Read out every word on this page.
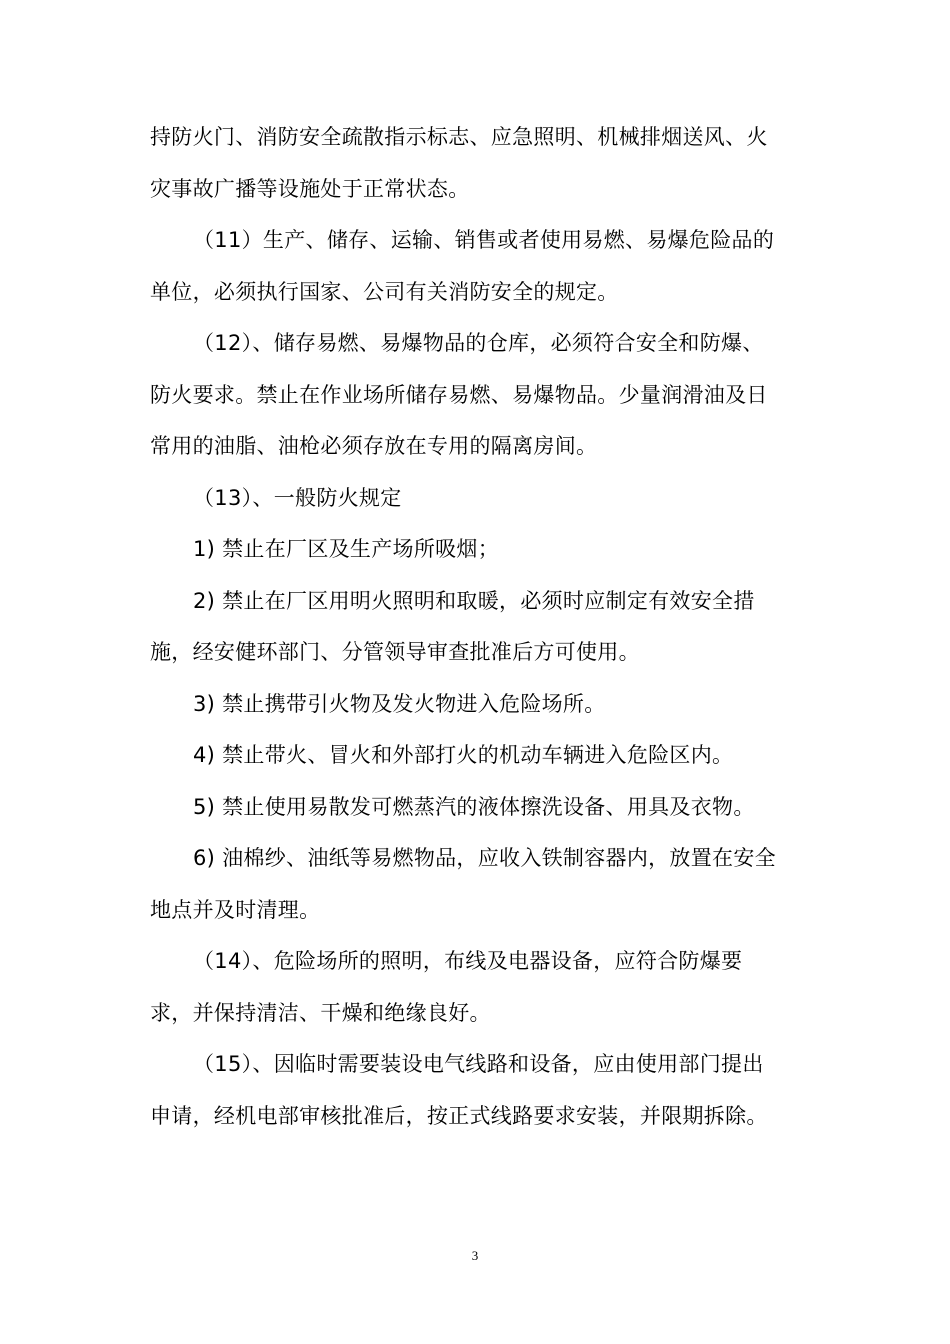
持防火门、消防安全疏散指示标志、应急照明、机械排烟送风、火
灾事故广播等设施处于正常状态。
（11）生产、储存、运输、销售或者使用易燃、易爆危险品的
单位，必须执行国家、公司有关消防安全的规定。
（12）、储存易燃、易爆物品的仓库，必须符合安全和防爆、
防火要求。禁止在作业场所储存易燃、易爆物品。少量润滑油及日
常用的油脂、油枪必须存放在专用的隔离房间。
（13）、一般防火规定
1) 禁止在厂区及生产场所吸烟；
2) 禁止在厂区用明火照明和取暖，必须时应制定有效安全措
施，经安健环部门、分管领导审查批准后方可使用。
3) 禁止携带引火物及发火物进入危险场所。
4) 禁止带火、冒火和外部打火的机动车辆进入危险区内。
5) 禁止使用易散发可燃蒸汽的液体擦洗设备、用具及衣物。
6) 油棉纱、油纸等易燃物品，应收入铁制容器内，放置在安全
地点并及时清理。
（14）、危险场所的照明，布线及电器设备，应符合防爆要
求，并保持清洁、干燥和绝缘良好。
（15）、因临时需要装设电气线路和设备，应由使用部门提出
申请，经机电部审核批准后，按正式线路要求安装，并限期拆除。
3
